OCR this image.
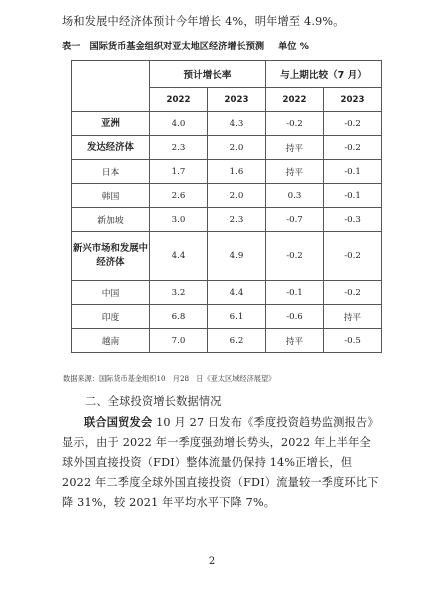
场和发展中经济体预计今年增长 4%，明年增至 4.9%。
表一　国际货币基金组织对亚太地区经济增长预测 单位 %
	预计增长率		与上期比较（7 月）	
	2022	2023	2022	2023
亚洲	4.0	4.3	-0.2	-0.2
发达经济体	2.3	2.0	持平	-0.2
日本	1.7	1.6	持平	-0.1
韩国	2.6	2.0	0.3	-0.1
新加坡	3.0	2.3	-0.7	-0.3
新兴市场和发展中经济体	4.4	4.9	-0.2	-0.2
中国	3.2	4.4	-0.1	-0.2
印度	6.8	6.1	-0.6	持平
越南	7.0	6.2	持平	-0.5
数据来源：国际货币基金组织10　月28　日《亚太区域经济展望》
二、全球投资增长数据情况
联合国贸发会 10 月 27 日发布《季度投资趋势监测报告》显示，由于 2022 年一季度强劲增长势头，2022 年上半年全球外国直接投资（FDI）整体流量仍保持 14%正增长，但 2022 年二季度全球外国直接投资（FDI）流量较一季度环比下降 31%，较 2021 年平均水平下降 7%。
2
